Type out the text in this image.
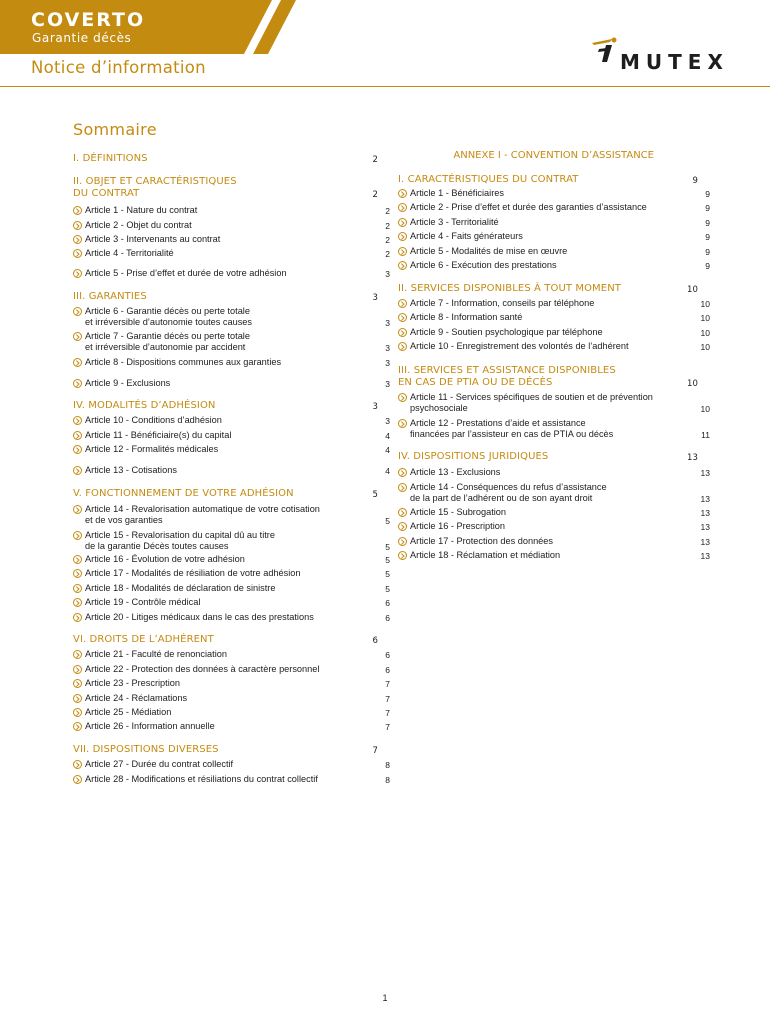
COVERTO
Garantie décès
MUTEX
Notice d’information
Sommaire
I. DÉFINITIONS	2
II. OBJET ET CARACTÉRISTIQUES
DU CONTRAT	2
Article 1 - Nature du contrat	2
Article 2 - Objet du contrat	2
Article 3 - Intervenants au contrat	2
Article 4 - Territorialité	2
Article 5 - Prise d’effet et durée de votre adhésion	3
III. GARANTIES	3
Article 6 - Garantie décès ou perte totale
et irréversible d’autonomie toutes causes	3
Article 7 - Garantie décès ou perte totale
et irréversible d’autonomie par accident	3
Article 8 - Dispositions communes aux garanties	3
Article 9 - Exclusions	3
IV. MODALITÉS D’ADHÉSION	3
Article 10 - Conditions d’adhésion	3
Article 11 - Bénéficiaire(s) du capital	4
Article 12 - Formalités médicales	4
Article 13 - Cotisations	4
V. FONCTIONNEMENT DE VOTRE ADHÉSION	5
Article 14 - Revalorisation automatique de votre cotisation
et de vos garanties	5
Article 15 - Revalorisation du capital dû au titre
de la garantie Décès toutes causes	5
Article 16 - Évolution de votre adhésion	5
Article 17 - Modalités de résiliation de votre adhésion	5
Article 18 - Modalités de déclaration de sinistre	5
Article 19 - Contrôle médical	6
Article 20 - Litiges médicaux dans le cas des prestations	6
VI. DROITS DE L’ADHÉRENT	6
Article 21 - Faculté de renonciation	6
Article 22 - Protection des données à caractère personnel	6
Article 23 - Prescription	7
Article 24 - Réclamations	7
Article 25 - Médiation	7
Article 26 - Information annuelle	7
VII. DISPOSITIONS DIVERSES	7
Article 27 - Durée du contrat collectif	8
Article 28 - Modifications et résiliations du contrat collectif	8
ANNEXE I - CONVENTION D’ASSISTANCE
I. CARACTÉRISTIQUES DU CONTRAT	9
Article 1 - Bénéficiaires	9
Article 2 - Prise d’effet et durée des garanties d’assistance	9
Article 3 - Territorialité	9
Article 4 - Faits générateurs	9
Article 5 - Modalités de mise en œuvre	9
Article 6 - Exécution des prestations	9
II. SERVICES DISPONIBLES À TOUT MOMENT	10
Article 7 - Information, conseils par téléphone	10
Article 8 - Information santé	10
Article 9 - Soutien psychologique par téléphone	10
Article 10 - Enregistrement des volontés de l’adhérent	10
III. SERVICES ET ASSISTANCE DISPONIBLES
EN CAS DE PTIA OU DE DÉCÈS	10
Article 11 - Services spécifiques de soutien et de prévention
psychosociale	10
Article 12 - Prestations d’aide et assistance
financées par l’assisteur en cas de PTIA ou décès	11
IV. DISPOSITIONS JURIDIQUES	13
Article 13 - Exclusions	13
Article 14 - Conséquences du refus d’assistance
de la part de l’adhérent ou de son ayant droit	13
Article 15 - Subrogation	13
Article 16 - Prescription	13
Article 17 - Protection des données	13
Article 18 - Réclamation et médiation	13
1
